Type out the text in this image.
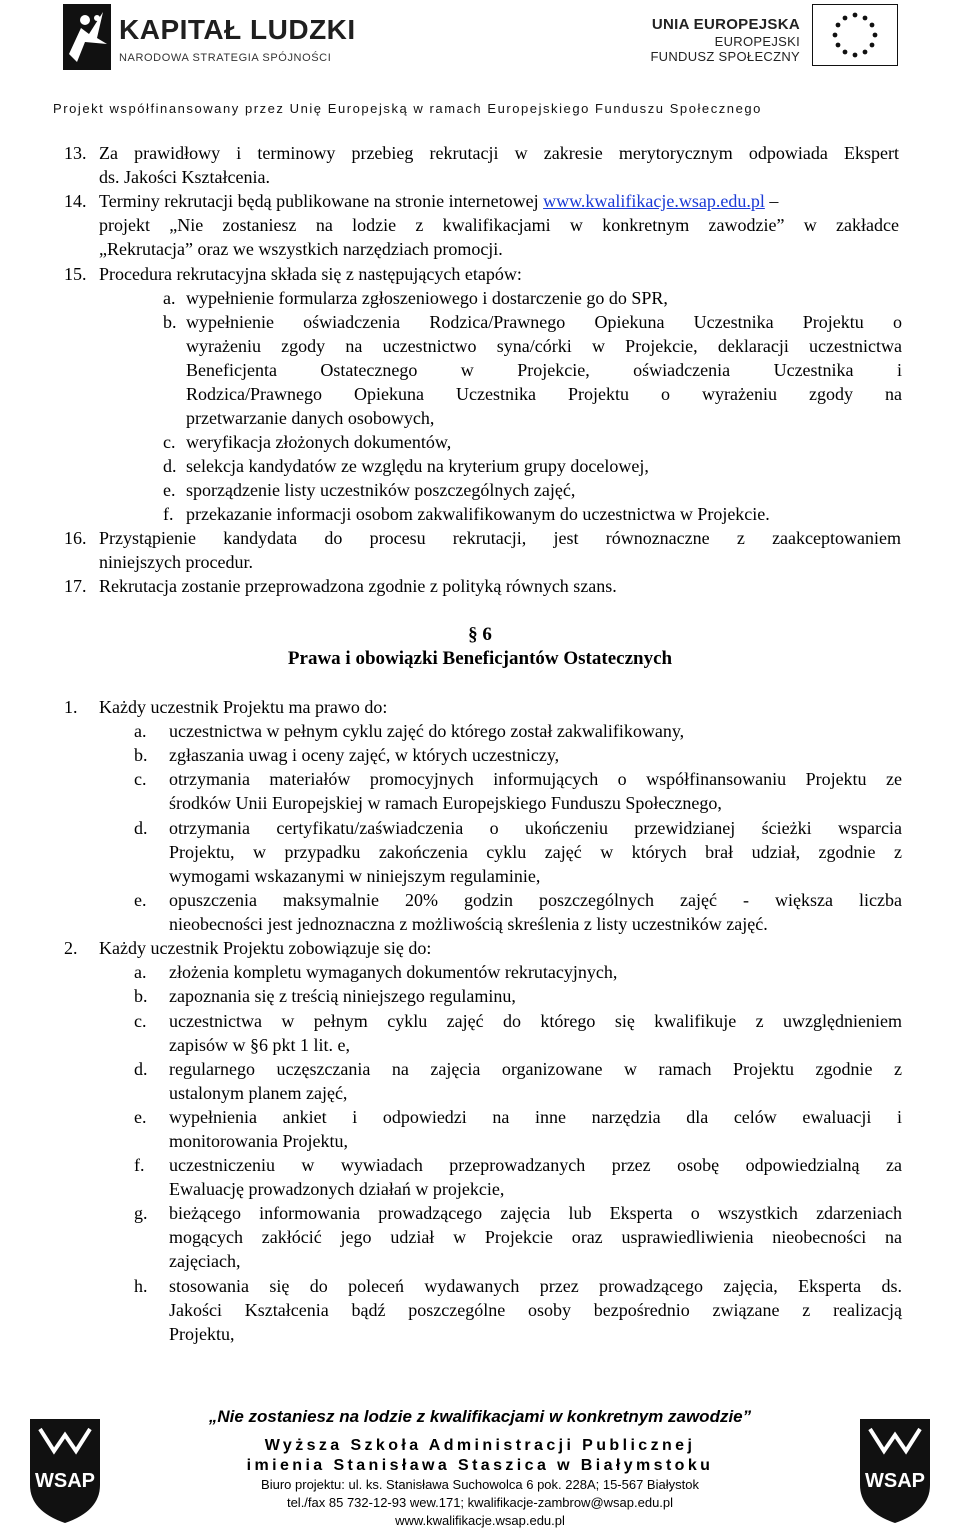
KAPITAŁ LUDZKI
NARODOWA STRATEGIA SPÓJNOŚCI
UNIA EUROPEJSKA
EUROPEJSKI
FUNDUSZ SPOŁECZNY
Projekt współfinansowany przez Unię Europejską w ramach Europejskiego Funduszu Społecznego
13. Za prawidłowy i terminowy przebieg rekrutacji w zakresie merytorycznym odpowiada Ekspert
ds. Jakości Kształcenia.
14. Terminy rekrutacji będą publikowane na stronie internetowej www.kwalifikacje.wsap.edu.pl –
projekt „Nie zostaniesz na lodzie z kwalifikacjami w konkretnym zawodzie” w zakładce
„Rekrutacja” oraz we wszystkich narzędziach promocji.
15. Procedura rekrutacyjna składa się z następujących etapów:
a. wypełnienie formularza zgłoszeniowego i dostarczenie go do SPR,
b. wypełnienie oświadczenia Rodzica/Prawnego Opiekuna Uczestnika Projektu o
wyrażeniu zgody na uczestnictwo syna/córki w Projekcie, deklaracji uczestnictwa
Beneficjenta Ostatecznego w Projekcie, oświadczenia Uczestnika i
Rodzica/Prawnego Opiekuna Uczestnika Projektu o wyrażeniu zgody na
przetwarzanie danych osobowych,
c. weryfikacja złożonych dokumentów,
d. selekcja kandydatów ze względu na kryterium grupy docelowej,
e. sporządzenie listy uczestników poszczególnych zajęć,
f. przekazanie informacji osobom zakwalifikowanym do uczestnictwa w Projekcie.
16. Przystąpienie kandydata do procesu rekrutacji, jest równoznaczne z zaakceptowaniem
niniejszych procedur.
17. Rekrutacja zostanie przeprowadzona zgodnie z polityką równych szans.
§ 6
Prawa i obowiązki Beneficjantów Ostatecznych
1. Każdy uczestnik Projektu ma prawo do:
a. uczestnictwa w pełnym cyklu zajęć do którego został zakwalifikowany,
b. zgłaszania uwag i oceny zajęć, w których uczestniczy,
c. otrzymania materiałów promocyjnych informujących o współfinansowaniu Projektu ze
środków Unii Europejskiej w ramach Europejskiego Funduszu Społecznego,
d. otrzymania certyfikatu/zaświadczenia o ukończeniu przewidzianej ścieżki wsparcia
Projektu, w przypadku zakończenia cyklu zajęć w których brał udział, zgodnie z
wymogami wskazanymi w niniejszym regulaminie,
e. opuszczenia maksymalnie 20% godzin poszczególnych zajęć - większa liczba
nieobecności jest jednoznaczna z możliwością skreślenia z listy uczestników zajęć.
2. Każdy uczestnik Projektu zobowiązuje się do:
a. złożenia kompletu wymaganych dokumentów rekrutacyjnych,
b. zapoznania się z treścią niniejszego regulaminu,
c. uczestnictwa w pełnym cyklu zajęć do którego się kwalifikuje z uwzględnieniem
zapisów w §6 pkt 1 lit. e,
d. regularnego uczęszczania na zajęcia organizowane w ramach Projektu zgodnie z
ustalonym planem zajęć,
e. wypełnienia ankiet i odpowiedzi na inne narzędzia dla celów ewaluacji i
monitorowania Projektu,
f. uczestniczeniu w wywiadach przeprowadzanych przez osobę odpowiedzialną za
Ewaluację prowadzonych działań w projekcie,
g. bieżącego informowania prowadzącego zajęcia lub Eksperta o wszystkich zdarzeniach
mogących zakłócić jego udział w Projekcie oraz usprawiedliwienia nieobecności na
zajęciach,
h. stosowania się do poleceń wydawanych przez prowadzącego zajęcia, Eksperta ds.
Jakości Kształcenia bądź poszczególne osoby bezpośrednio związane z realizacją
Projektu,
WSAP	WSAP
„Nie zostaniesz na lodzie z kwalifikacjami w konkretnym zawodzie”
Wyższa Szkoła Administracji Publicznej
imienia Stanisława Staszica w Białymstoku
Biuro projektu: ul. ks. Stanisława Suchowolca 6 pok. 228A; 15-567 Białystok
tel./fax 85 732-12-93 wew.171; kwalifikacje-zambrow@wsap.edu.pl
www.kwalifikacje.wsap.edu.pl
